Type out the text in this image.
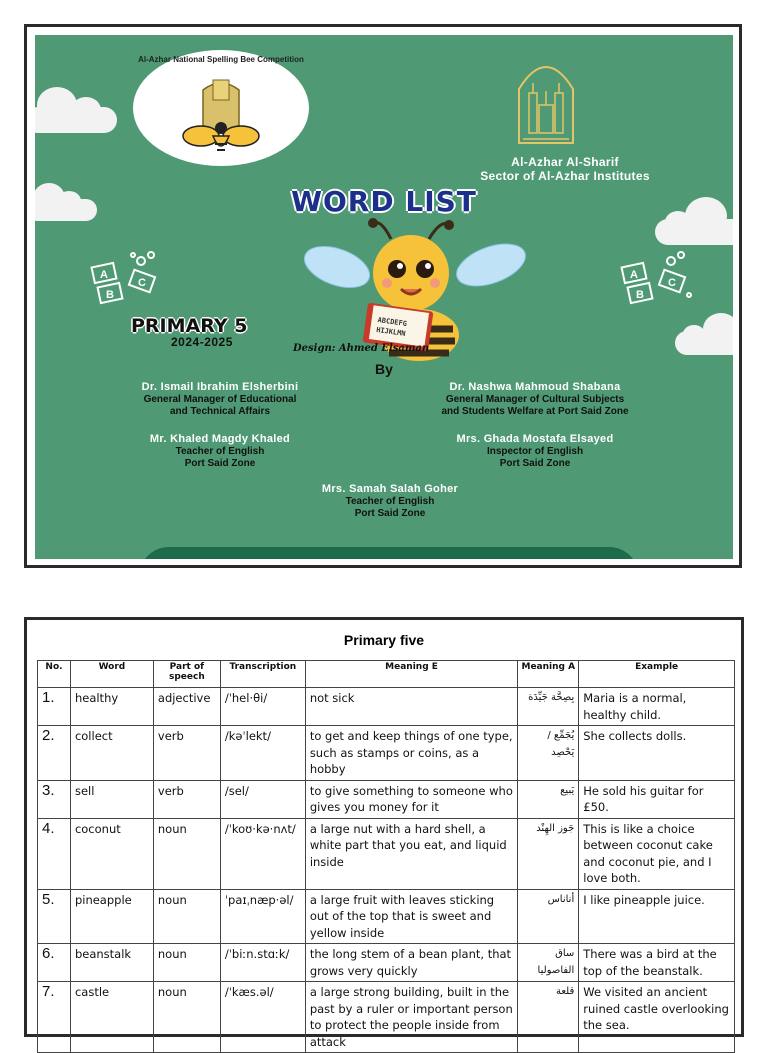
Al-Azhar National Spelling Bee Competition
Al-Azhar Al-Sharif
Sector of Al-Azhar Institutes
WORD LIST
A
B
C
A
B
C
ABCDEFG
HIJKLMN
PRIMARY 5
2024-2025	Design: Ahmed Elsaman
By
Dr. Ismail Ibrahim Elsherbini
General Manager of Educational
and Technical Affairs
Dr. Nashwa Mahmoud Shabana
General Manager of Cultural Subjects
and Students Welfare at Port Said Zone
Mr. Khaled Magdy Khaled
Teacher of English
Port Said Zone
Mrs. Ghada Mostafa Elsayed
Inspector of English
Port Said Zone
Mrs. Samah Salah Goher
Teacher of English
Port Said Zone
Primary five
No.	Word	Part of speech	Transcription	Meaning E	Meaning A	Example
1.	healthy	adjective	/ˈhel·θi/	not sick	بِصِحَّة جَيِّدَة	Maria is a normal, healthy child.
2.	collect	verb	/kəˈlekt/	to get and keep things of one type, such as stamps or coins, as a hobby	يُجَمِّع / يَحْصِد	She collects dolls.
3.	sell	verb	/sel/	to give something to someone who gives you money for it	يَبيع	He sold his guitar for £50.
4.	coconut	noun	/ˈkoʊ·kə·nʌt/	a large nut with a hard shell, a white part that you eat, and liquid inside	جَوز الهِنْد	This is like a choice between coconut cake and coconut pie, and I love both.
5.	pineapple	noun	ˈpaɪˌnæp·əl/	a large fruit with leaves sticking out of the top that is sweet and yellow inside	أناناس	I like pineapple juice.
6.	beanstalk	noun	/ˈbiːn.stɑːk/	the long stem of a bean plant, that grows very quickly	ساق الفاصوليا	There was a bird at the top of the beanstalk.
7.	castle	noun	/ˈkæs.əl/	a large strong building, built in the past by a ruler or important person to protect the people inside from attack	قلعة	We visited an ancient ruined castle overlooking the sea.
